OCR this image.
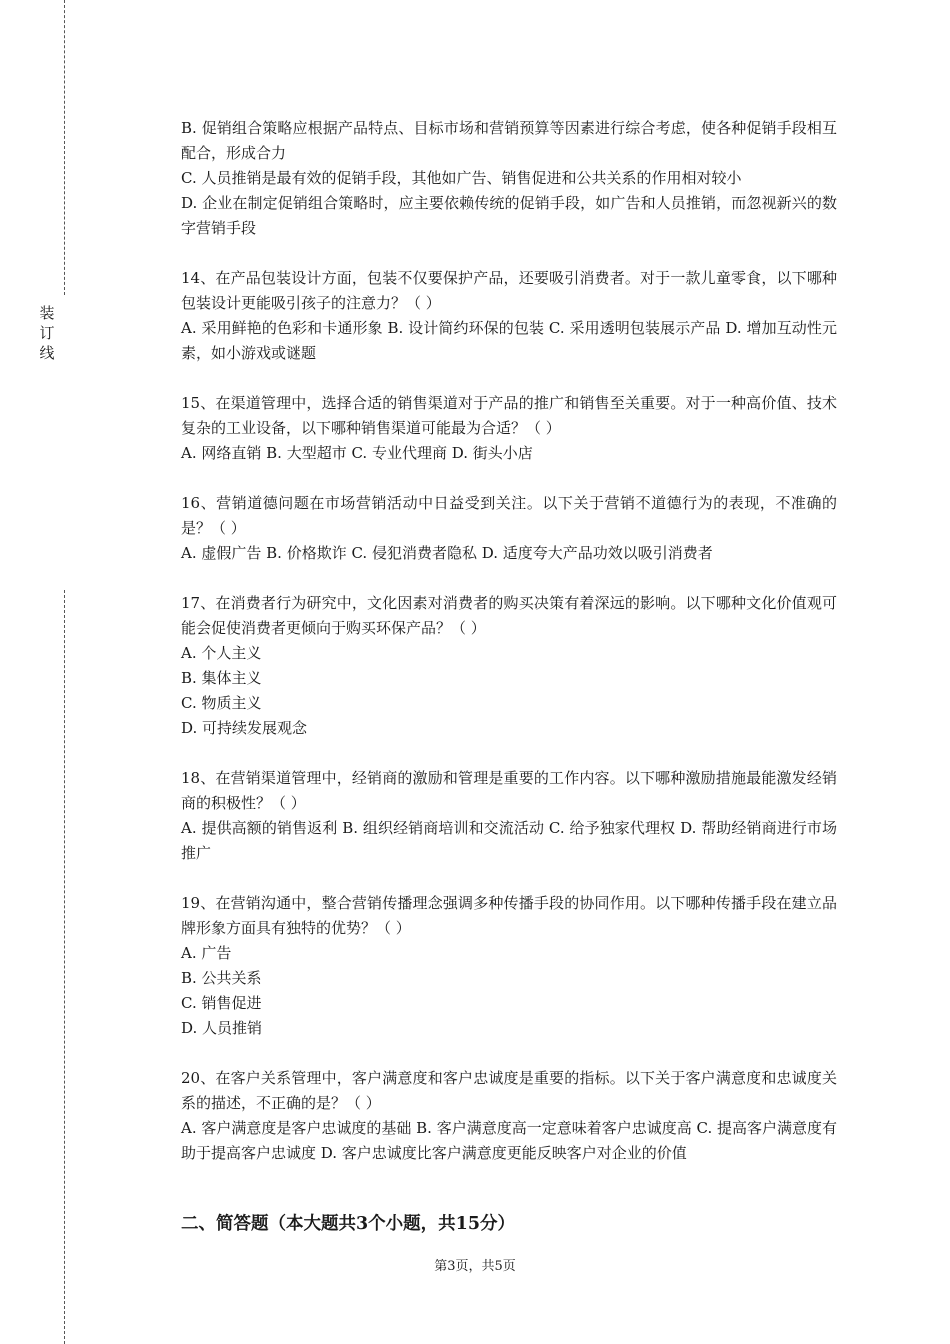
装
订
线

B. 促销组合策略应根据产品特点、目标市场和营销预算等因素进行综合考虑，使各种促销手段相互配合，形成合力

C. 人员推销是最有效的促销手段，其他如广告、销售促进和公共关系的作用相对较小

D. 企业在制定促销组合策略时，应主要依赖传统的促销手段，如广告和人员推销，而忽视新兴的数字营销手段

14、在产品包装设计方面，包装不仅要保护产品，还要吸引消费者。对于一款儿童零食，以下哪种包装设计更能吸引孩子的注意力？（ ）

A. 采用鲜艳的色彩和卡通形象 B. 设计简约环保的包装 C. 采用透明包装展示产品 D. 增加互动性元素，如小游戏或谜题

15、在渠道管理中，选择合适的销售渠道对于产品的推广和销售至关重要。对于一种高价值、技术复杂的工业设备，以下哪种销售渠道可能最为合适？（ ）

A. 网络直销 B. 大型超市 C. 专业代理商 D. 街头小店

16、营销道德问题在市场营销活动中日益受到关注。以下关于营销不道德行为的表现，不准确的是？（ ）

A. 虚假广告 B. 价格欺诈 C. 侵犯消费者隐私 D. 适度夸大产品功效以吸引消费者

17、在消费者行为研究中，文化因素对消费者的购买决策有着深远的影响。以下哪种文化价值观可能会促使消费者更倾向于购买环保产品？（ ）

A. 个人主义

B. 集体主义

C. 物质主义

D. 可持续发展观念

18、在营销渠道管理中，经销商的激励和管理是重要的工作内容。以下哪种激励措施最能激发经销商的积极性？（ ）

A. 提供高额的销售返利 B. 组织经销商培训和交流活动 C. 给予独家代理权 D. 帮助经销商进行市场推广

19、在营销沟通中，整合营销传播理念强调多种传播手段的协同作用。以下哪种传播手段在建立品牌形象方面具有独特的优势？（ ）

A. 广告

B. 公共关系

C. 销售促进

D. 人员推销

20、在客户关系管理中，客户满意度和客户忠诚度是重要的指标。以下关于客户满意度和忠诚度关系的描述，不正确的是？（ ）

A. 客户满意度是客户忠诚度的基础 B. 客户满意度高一定意味着客户忠诚度高 C. 提高客户满意度有助于提高客户忠诚度 D. 客户忠诚度比客户满意度更能反映客户对企业的价值

二、简答题（本大题共3个小题，共15分）
第3页，共5页
